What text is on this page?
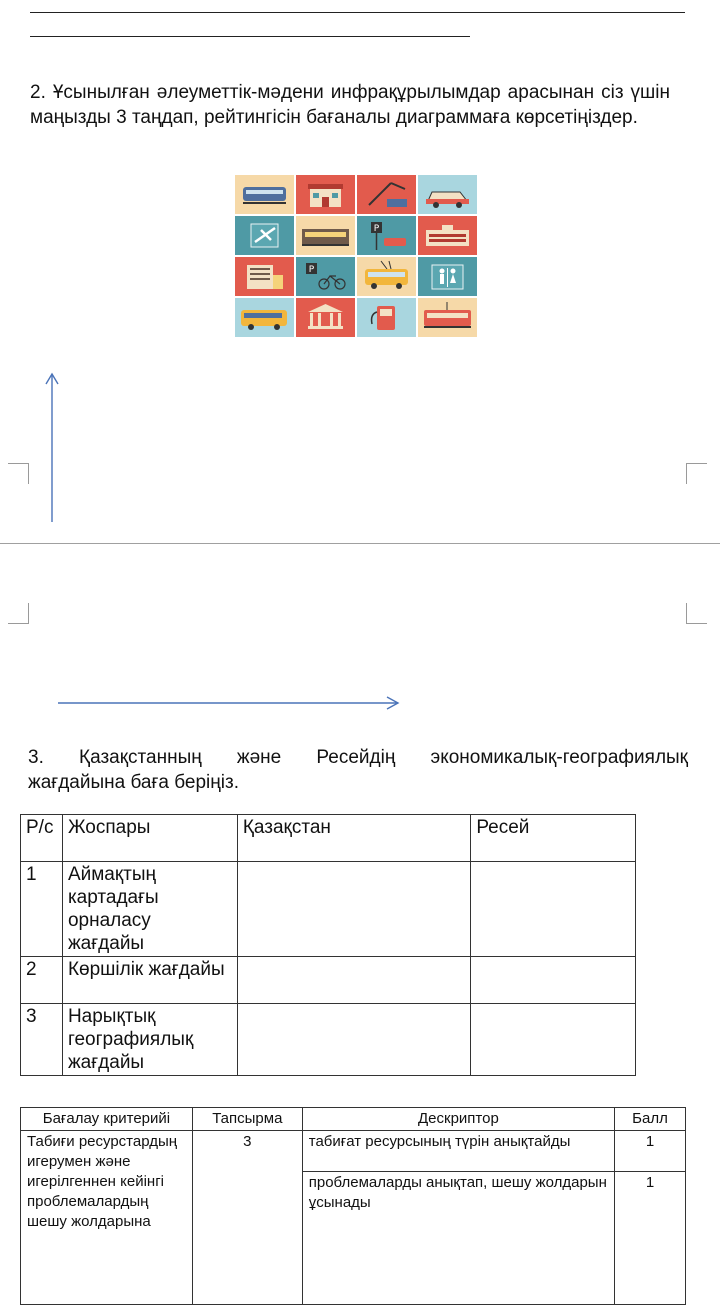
2. Ұсынылған әлеуметтік-мәдени инфрақұрылымдар арасынан сіз үшін маңызды 3 таңдап, рейтингісін бағаналы диаграммаға көрсетіңіздер.
P
P
3. Қазақстанның және Ресейдің экономикалық-географиялық
жағдайына баға беріңіз.
Р/с	Жоспары	Қазақстан	Ресей
1	Аймақтың картадағы орналасу жағдайы		
2	Көршілік жағдайы		
3	Нарықтық географиялық жағдайы		
Бағалау критерийі	Тапсырма	Дескриптор	Балл
Табиғи ресурстардың игерумен және игерілгеннен кейінгі проблемалардың шешу жолдарына	3	табиғат ресурсының түрін анықтайды	1
		проблемаларды анықтап, шешу жолдарын ұсынады	1
